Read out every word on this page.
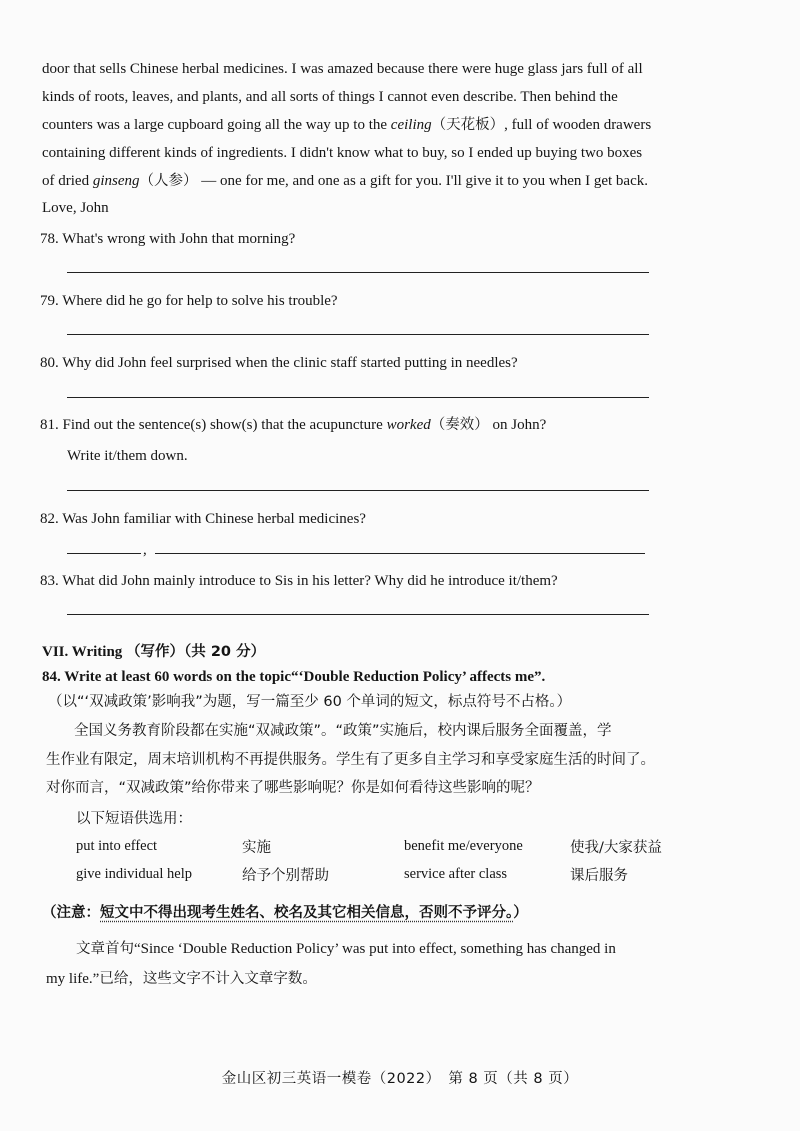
door that sells Chinese herbal medicines. I was amazed because there were huge glass jars full of all
kinds of roots, leaves, and plants, and all sorts of things I cannot even describe. Then behind the
counters was a large cupboard going all the way up to the ceiling（天花板）, full of wooden drawers
containing different kinds of ingredients. I didn't know what to buy, so I ended up buying two boxes
of dried ginseng（人参） — one for me, and one as a gift for you. I'll give it to you when I get back.
Love, John
78. What's wrong with John that morning?
79. Where did he go for help to solve his trouble?
80. Why did John feel surprised when the clinic staff started putting in needles?
81. Find out the sentence(s) show(s) that the acupuncture worked（奏效） on John?
Write it/them down.
82. Was John familiar with Chinese herbal medicines?
,
83. What did John mainly introduce to Sis in his letter? Why did he introduce it/them?
VII. Writing （写作）（共 20 分）
84. Write at least 60 words on the topic“‘Double Reduction Policy’ affects me”.
（以“‘双减政策’影响我”为题，写一篇至少 60 个单词的短文，标点符号不占格。）
全国义务教育阶段都在实施“双减政策”。“政策”实施后，校内课后服务全面覆盖，学
生作业有限定，周末培训机构不再提供服务。学生有了更多自主学习和享受家庭生活的时间了。
对你而言，“双减政策”给你带来了哪些影响呢？你是如何看待这些影响的呢？
以下短语供选用：
put into effect	实施	benefit me/everyone	使我/大家获益
give individual help	给予个别帮助	service after class	课后服务
（注意：短文中不得出现考生姓名、校名及其它相关信息，否则不予评分。）
文章首句“Since ‘Double Reduction Policy’ was put into effect, something has changed in
my life.”已给，这些文字不计入文章字数。
金山区初三英语一模卷（2022）　第 8 页（共 8 页）
